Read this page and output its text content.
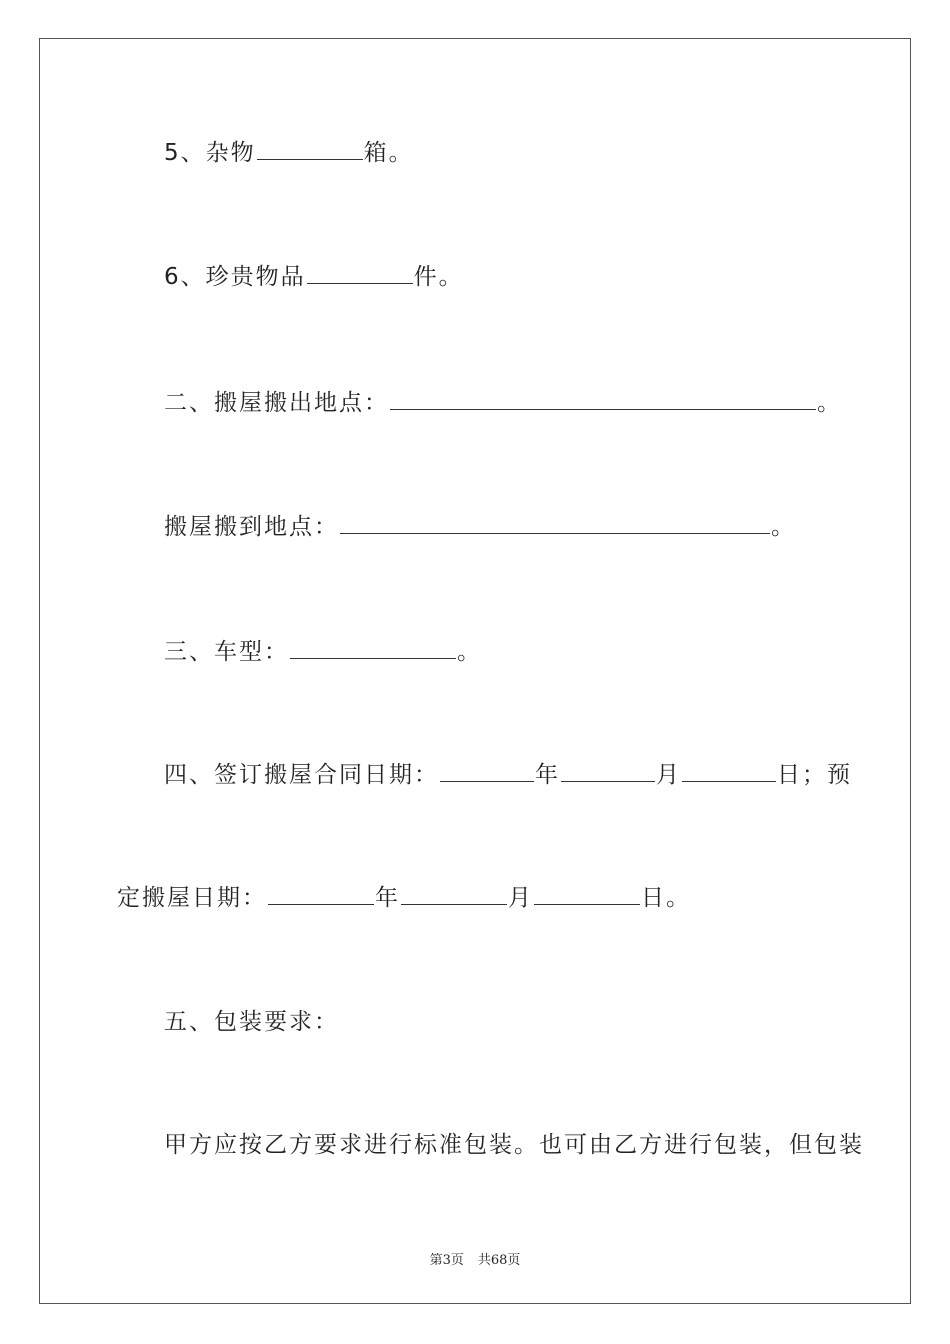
5、杂物	箱。
6、珍贵物品	件。
二、搬屋搬出地点：	。
搬屋搬到地点：	。
三、车型：	。
四、签订搬屋合同日期：	年	月	日；预
定搬屋日期：	年	月	日。
五、包装要求：
甲方应按乙方要求进行标准包装。也可由乙方进行包装，但包装
第3页 共68页
